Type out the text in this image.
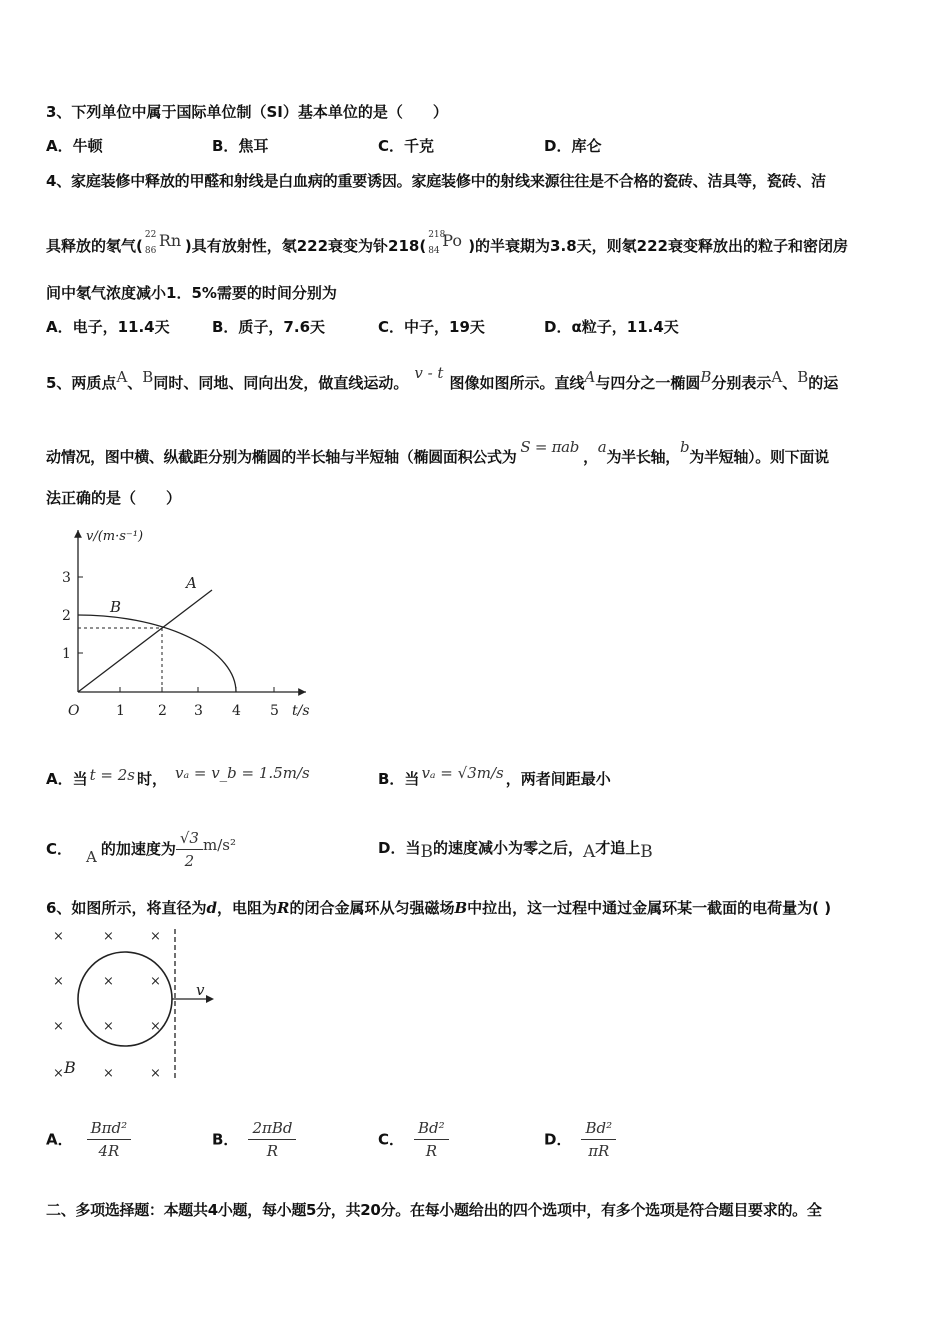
3、下列单位中属于国际单位制（SI）基本单位的是（　　）
A．牛顿	B．焦耳	C．千克	D．库仑
4、家庭装修中释放的甲醛和射线是白血病的重要诱因。家庭装修中的射线来源往往是不合格的瓷砖、洁具等，瓷砖、洁
具释放的氡气(
22
86
Rn )具有放射性，氡222衰变为钋218(
218
84
Po )的半衰期为3.8天，则氡222衰变释放出的粒子和密闭房
间中氡气浓度减小1．5%需要的时间分别为
A．电子，11.4天	B．质子，7.6天	C．中子，19天	D．α粒子，11.4天
5、两质点A、B同时、同地、同向出发，做直线运动。v - t图像如图所示。直线A与四分之一椭圆B分别表示A、B的运
动情况，图中横、纵截距分别为椭圆的半长轴与半短轴（椭圆面积公式为S = πab，a为半长轴，b为半短轴）。则下面说
法正确的是（　　）
v/(m·s⁻¹)
t/s
O	1 2 3 4 5
1
2
3	A
B
A．当 t = 2s 时， vₐ = v_b = 1.5m/s	B．当 vₐ = √3m/s ，两者间距最小
C． A 的加速度为 $\frac{√3}{2} m/s^2$	D．当B的速度减小为零之后，A才追上B
6、如图所示，将直径为d，电阻为R的闭合金属环从匀强磁场B中拉出，这一过程中通过金属环某一截面的电荷量为( )
×	×	×
×	×	×
×	×	×
×	×	×
v
B
A． $\frac{\text{Bπd²}}{4R}$	B． $\frac{\text{2πBd}}{R}$	C． $\frac{\text{Bd²}}{R}$	D． $\frac{\text{Bd²}}{\pi R}$
二、多项选择题：本题共4小题，每小题5分，共20分。在每小题给出的四个选项中，有多个选项是符合题目要求的。全
